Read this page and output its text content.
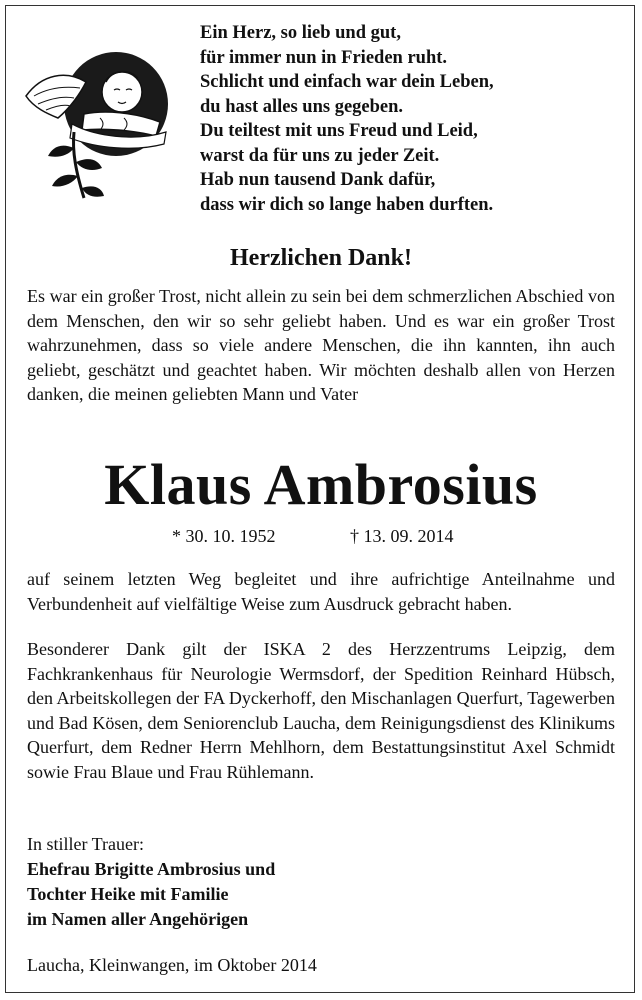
Ein Herz, so lieb und gut,
für immer nun in Frieden ruht.
Schlicht und einfach war dein Leben,
du hast alles uns gegeben.
Du teiltest mit uns Freud und Leid,
warst da für uns zu jeder Zeit.
Hab nun tausend Dank dafür,
dass wir dich so lange haben durften.
Herzlichen Dank!
Es war ein großer Trost, nicht allein zu sein bei dem schmerzlichen Abschied von dem Menschen, den wir so sehr geliebt haben. Und es war ein großer Trost wahrzunehmen, dass so viele andere Menschen, die ihn kannten, ihn auch geliebt, geschätzt und geachtet haben. Wir möchten deshalb allen von Herzen danken, die meinen geliebten Mann und Vater
Klaus Ambrosius
* 30. 10. 1952	† 13. 09. 2014
auf seinem letzten Weg begleitet und ihre aufrichtige Anteilnahme und Verbundenheit auf vielfältige Weise zum Ausdruck gebracht haben.
Besonderer Dank gilt der ISKA 2 des Herzzentrums Leipzig, dem Fachkrankenhaus für Neurologie Wermsdorf, der Spedition Reinhard Hübsch, den Arbeitskollegen der FA Dyckerhoff, den Mischanlagen Querfurt, Tagewerben und Bad Kösen, dem Seniorenclub Laucha, dem Reinigungsdienst des Klinikums Querfurt, dem Redner Herrn Mehlhorn, dem Bestattungsinstitut Axel Schmidt sowie Frau Blaue und Frau Rühlemann.
In stiller Trauer:
Ehefrau Brigitte Ambrosius und
Tochter Heike mit Familie
im Namen aller Angehörigen
Laucha, Kleinwangen, im Oktober 2014
